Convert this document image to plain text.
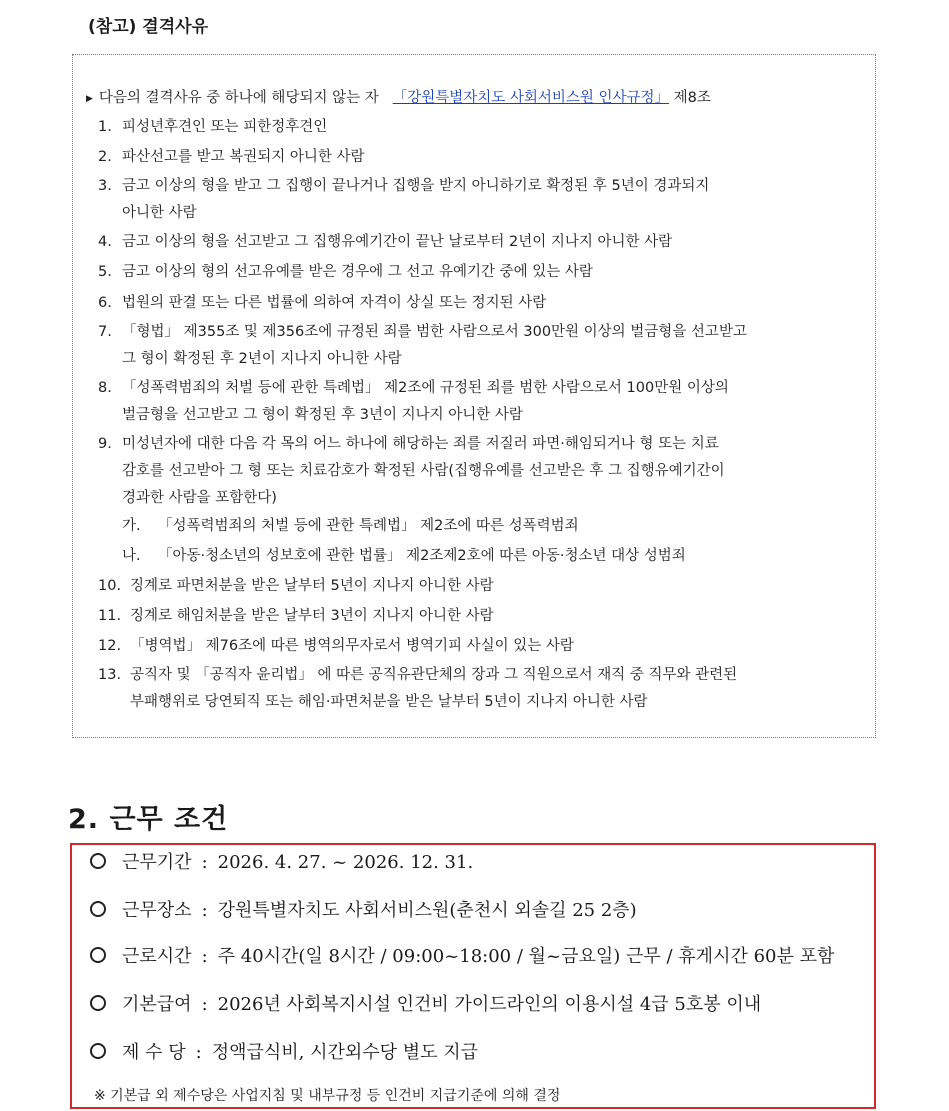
(참고) 결격사유
▶ 다음의 결격사유 중 하나에 해당되지 않는 자 「강원특별자치도 사회서비스원 인사규정」 제8조
1. 피성년후견인 또는 피한정후견인
2. 파산선고를 받고 복권되지 아니한 사람
3. 금고 이상의 형을 받고 그 집행이 끝나거나 집행을 받지 아니하기로 확정된 후 5년이 경과되지
아니한 사람
4. 금고 이상의 형을 선고받고 그 집행유예기간이 끝난 날로부터 2년이 지나지 아니한 사람
5. 금고 이상의 형의 선고유예를 받은 경우에 그 선고 유예기간 중에 있는 사람
6. 법원의 판결 또는 다른 법률에 의하여 자격이 상실 또는 정지된 사람
7. 「형법」 제355조 및 제356조에 규정된 죄를 범한 사람으로서 300만원 이상의 벌금형을 선고받고
그 형이 확정된 후 2년이 지나지 아니한 사람
8. 「성폭력범죄의 처벌 등에 관한 특례법」 제2조에 규정된 죄를 범한 사람으로서 100만원 이상의
벌금형을 선고받고 그 형이 확정된 후 3년이 지나지 아니한 사람
9. 미성년자에 대한 다음 각 목의 어느 하나에 해당하는 죄를 저질러 파면·해임되거나 형 또는 치료
감호를 선고받아 그 형 또는 치료감호가 확정된 사람(집행유예를 선고받은 후 그 집행유예기간이
경과한 사람을 포함한다)
가. 「성폭력범죄의 처벌 등에 관한 특례법」 제2조에 따른 성폭력범죄
나. 「아동·청소년의 성보호에 관한 법률」 제2조제2호에 따른 아동·청소년 대상 성범죄
10. 징계로 파면처분을 받은 날부터 5년이 지나지 아니한 사람
11. 징계로 해임처분을 받은 날부터 3년이 지나지 아니한 사람
12. 「병역법」 제76조에 따른 병역의무자로서 병역기피 사실이 있는 사람
13. 공직자 및 「공직자 윤리법」 에 따른 공직유관단체의 장과 그 직원으로서 재직 중 직무와 관련된
부패행위로 당연퇴직 또는 해임·파면처분을 받은 날부터 5년이 지나지 아니한 사람
2. 근무 조건
근무기간 : 2026. 4. 27. ~ 2026. 12. 31.
근무장소 : 강원특별자치도 사회서비스원(춘천시 외솔길 25 2층)
근로시간 : 주 40시간(일 8시간 / 09:00~18:00 / 월~금요일) 근무 / 휴게시간 60분 포함
기본급여 : 2026년 사회복지시설 인건비 가이드라인의 이용시설 4급 5호봉 이내
제 수 당 : 정액급식비, 시간외수당 별도 지급
※ 기본급 외 제수당은 사업지침 및 내부규정 등 인건비 지급기준에 의해 결정
